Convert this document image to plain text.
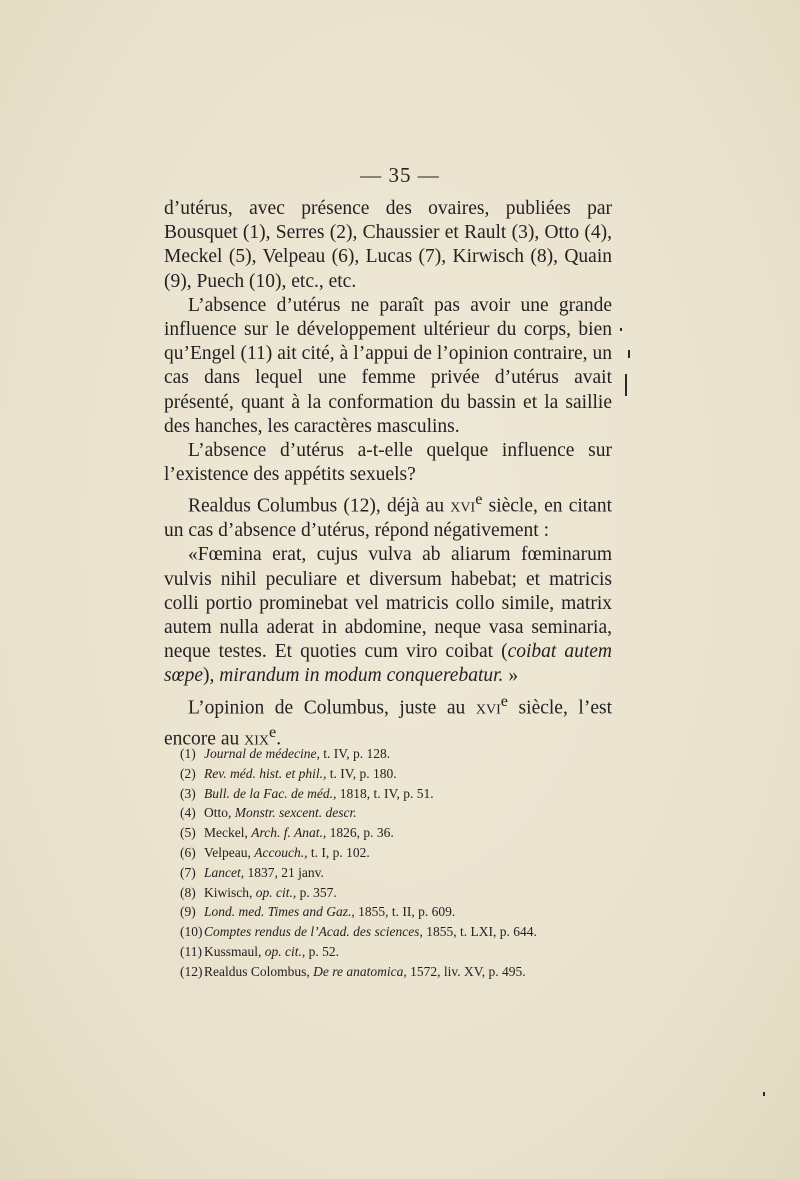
— 35 —

d’utérus, avec présence des ovaires, publiées par Bousquet (1), Serres (2), Chaussier et Rault (3), Otto (4), Meckel (5), Velpeau (6), Lucas (7), Kirwisch (8), Quain (9), Puech (10), etc., etc.

L’absence d’utérus ne paraît pas avoir une grande influence sur le développement ultérieur du corps, bien qu’Engel (11) ait cité, à l’appui de l’opinion contraire, un cas dans lequel une femme privée d’utérus avait présenté, quant à la conformation du bassin et la saillie des hanches, les caractères masculins.

L’absence d’utérus a-t-elle quelque influence sur l’existence des appétits sexuels?

Realdus Columbus (12), déjà au xvi$^e$ siècle, en citant un cas d’absence d’utérus, répond négativement :

«Fœmina erat, cujus vulva ab aliarum fœminarum vulvis nihil peculiare et diversum habebat; et matricis colli portio prominebat vel matricis collo simile, matrix autem nulla aderat in abdomine, neque vasa seminaria, neque testes. Et quoties cum viro coibat (coibat autem sœpe), mirandum in modum conquerebatur. »

L’opinion de Columbus, juste au xvi$^e$ siècle, l’est encore au xix$^e$.

(1) Journal de médecine, t. IV, p. 128.
(2) Rev. méd. hist. et phil., t. IV, p. 180.
(3) Bull. de la Fac. de méd., 1818, t. IV, p. 51.
(4) Otto, Monstr. sexcent. descr.
(5) Meckel, Arch. f. Anat., 1826, p. 36.
(6) Velpeau, Accouch., t. I, p. 102.
(7) Lancet, 1837, 21 janv.
(8) Kiwisch, op. cit., p. 357.
(9) Lond. med. Times and Gaz., 1855, t. II, p. 609.
(10) Comptes rendus de l’Acad. des sciences, 1855, t. LXI, p. 644.
(11) Kussmaul, op. cit., p. 52.
(12) Realdus Colombus, De re anatomica, 1572, liv. XV, p. 495.
